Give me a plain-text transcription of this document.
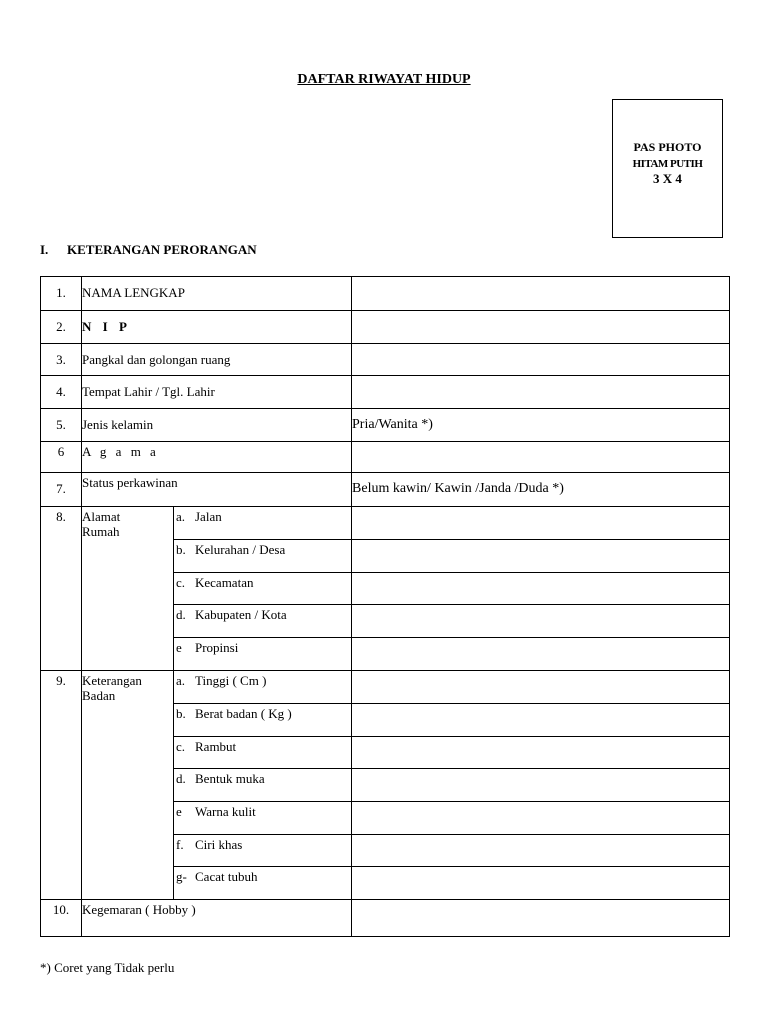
DAFTAR RIWAYAT HIDUP
PAS PHOTO
HITAM PUTIH
3 X 4
I. KETERANGAN PERORANGAN
1.	NAMA LENGKAP		
2.	N I P		
3.	Pangkal dan golongan ruang		
4.	Tempat Lahir / Tgl. Lahir		
5.	Jenis kelamin		Pria/Wanita *)
6	A g a m a		
7.	Status perkawinan		Belum kawin/ Kawin /Janda /Duda *)
8.	Alamat
Rumah	a. Jalan	
		b. Kelurahan / Desa	
		c. Kecamatan	
		d. Kabupaten / Kota	
		e Propinsi	
9.	Keterangan
Badan	a. Tinggi ( Cm )	
		b. Berat badan ( Kg )	
		c. Rambut	
		d. Bentuk muka	
		e Warna kulit	
		f. Ciri khas	
		g- Cacat tubuh	
10.	Kegemaran ( Hobby )		
*) Coret yang Tidak perlu
